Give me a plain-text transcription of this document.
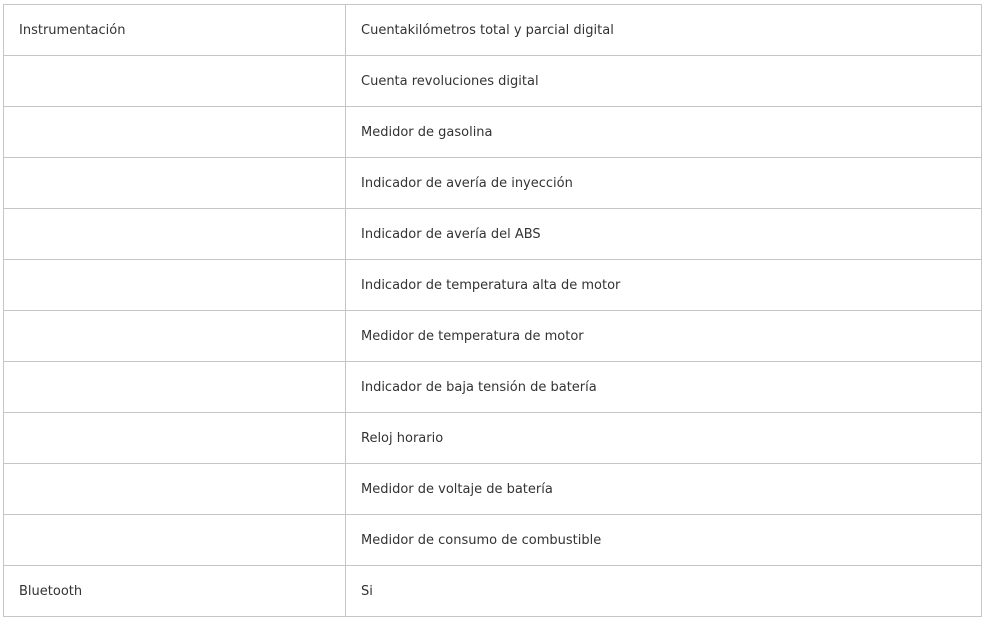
Instrumentación	Cuentakilómetros total y parcial digital
	Cuenta revoluciones digital
	Medidor de gasolina
	Indicador de avería de inyección
	Indicador de avería del ABS
	Indicador de temperatura alta de motor
	Medidor de temperatura de motor
	Indicador de baja tensión de batería
	Reloj horario
	Medidor de voltaje de batería
	Medidor de consumo de combustible
Bluetooth	Si
